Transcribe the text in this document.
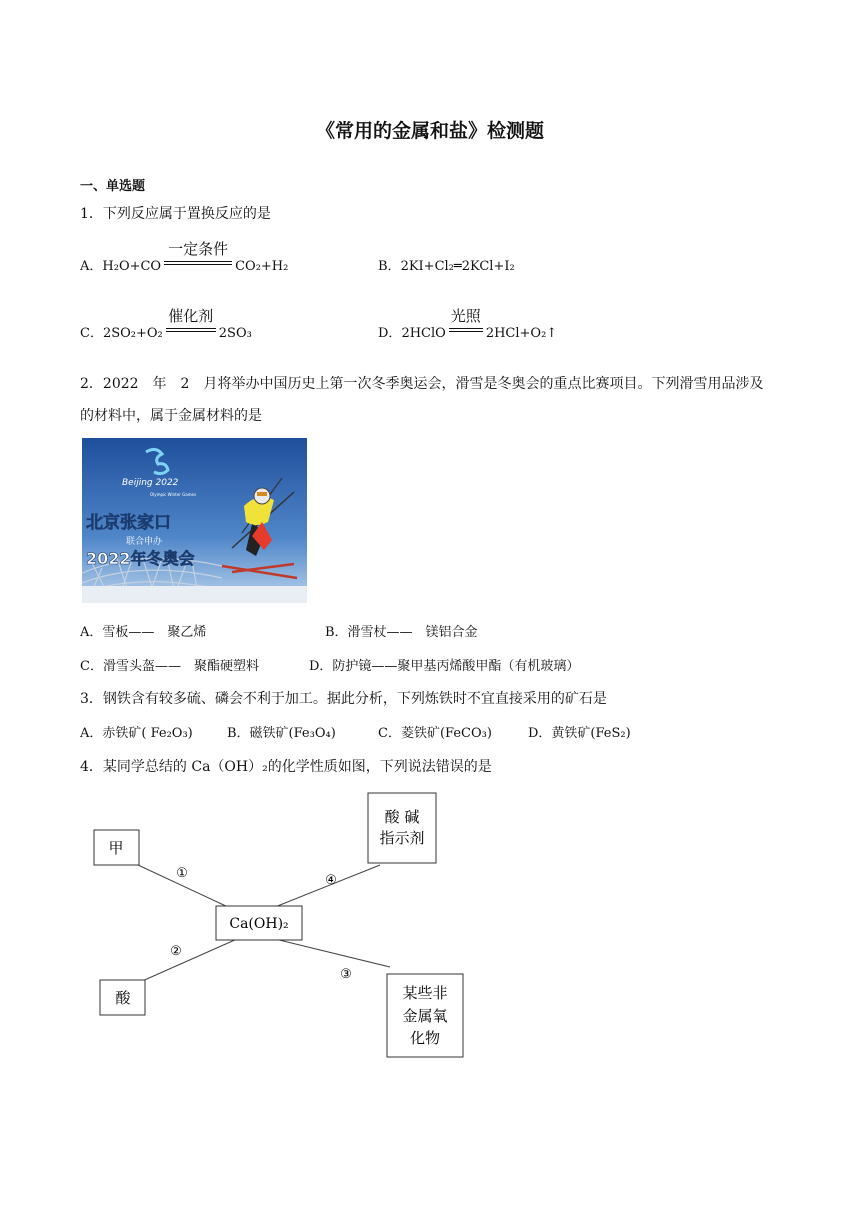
《常用的金属和盐》检测题
一、单选题
1．下列反应属于置换反应的是
A．H₂O+CO
一定条件
CO₂+H₂	B．2KI+Cl₂═2KCl+I₂
C．2SO₂+O₂
催化剂
2SO₃	D．2HClO
光照
2HCl+O₂↑
2．2022　年　2　月将举办中国历史上第一次冬季奥运会，滑雪是冬奥会的重点比赛项目。下列滑雪用品涉及
的材料中，属于金属材料的是
Beijing 2022
Olympic Winter Games
北京张家口
联合申办
2022年冬奥会
A．雪板——　聚乙烯	B．滑雪杖——　镁铝合金
C．滑雪头盔——　聚酯硬塑料	D．防护镜——聚甲基丙烯酸甲酯（有机玻璃）
3．钢铁含有较多硫、磷会不利于加工。据此分析，下列炼铁时不宜直接采用的矿石是
A．赤铁矿( Fe₂O₃)	B．磁铁矿(Fe₃O₄)	C．菱铁矿(FeCO₃)	D．黄铁矿(FeS₂)
4．某同学总结的 Ca（OH）₂的化学性质如图，下列说法错误的是
甲
Ca(OH)₂
酸 碱
指示剂
酸	某些非
金属氧
化物
①	④
②
③
